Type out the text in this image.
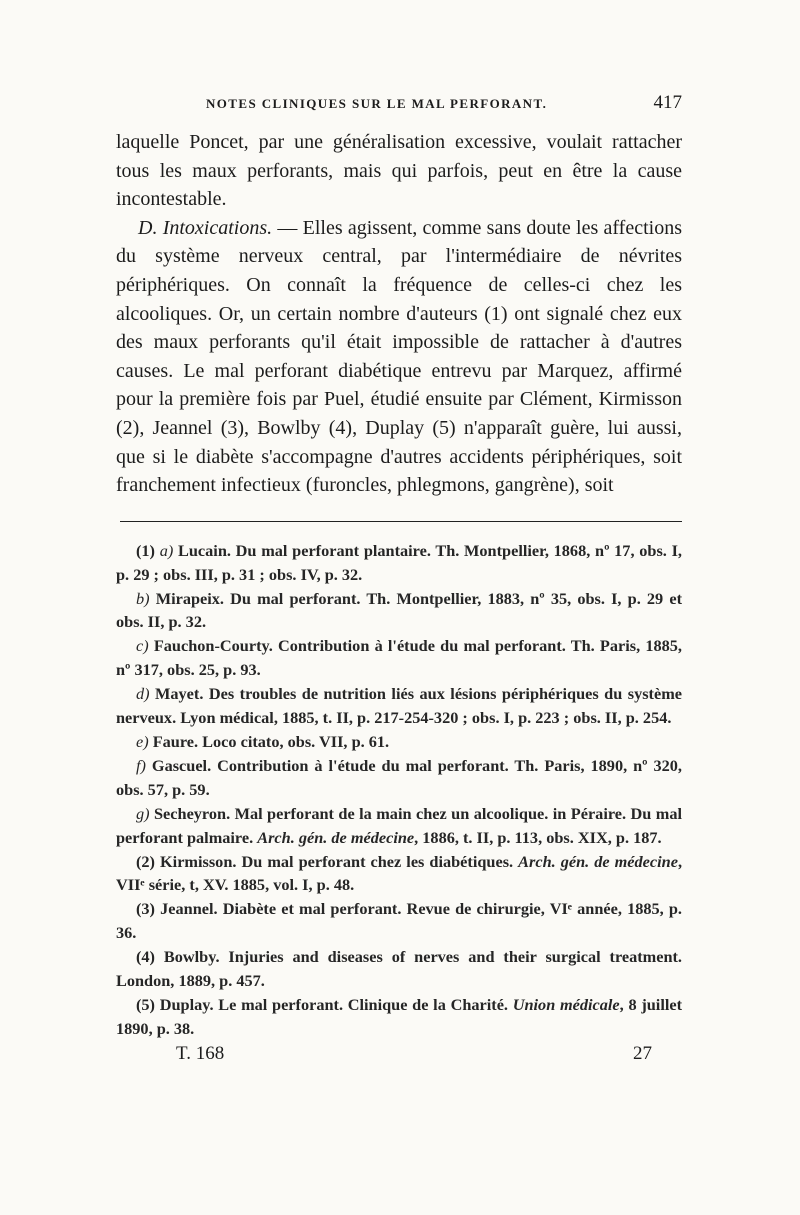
NOTES CLINIQUES SUR LE MAL PERFORANT.	417

laquelle Poncet, par une généralisation excessive, voulait rattacher tous les maux perforants, mais qui parfois, peut en être la cause incontestable.

D. Intoxications. — Elles agissent, comme sans doute les affections du système nerveux central, par l'intermédiaire de névrites périphériques. On connaît la fréquence de celles-ci chez les alcooliques. Or, un certain nombre d'auteurs (1) ont signalé chez eux des maux perforants qu'il était impossible de rattacher à d'autres causes. Le mal perforant diabétique entrevu par Marquez, affirmé pour la première fois par Puel, étudié ensuite par Clément, Kirmisson (2), Jeannel (3), Bowlby (4), Duplay (5) n'apparaît guère, lui aussi, que si le diabète s'accompagne d'autres accidents périphériques, soit franchement infectieux (furoncles, phlegmons, gangrène), soit

(1) a) Lucain. Du mal perforant plantaire. Th. Montpellier, 1868, nº 17, obs. I, p. 29 ; obs. III, p. 31 ; obs. IV, p. 32.

b) Mirapeix. Du mal perforant. Th. Montpellier, 1883, nº 35, obs. I, p. 29 et obs. II, p. 32.

c) Fauchon-Courty. Contribution à l'étude du mal perforant. Th. Paris, 1885, nº 317, obs. 25, p. 93.

d) Mayet. Des troubles de nutrition liés aux lésions périphériques du système nerveux. Lyon médical, 1885, t. II, p. 217-254-320 ; obs. I, p. 223 ; obs. II, p. 254.

e) Faure. Loco citato, obs. VII, p. 61.

f) Gascuel. Contribution à l'étude du mal perforant. Th. Paris, 1890, nº 320, obs. 57, p. 59.

g) Secheyron. Mal perforant de la main chez un alcoolique. in Péraire. Du mal perforant palmaire. Arch. gén. de médecine, 1886, t. II, p. 113, obs. XIX, p. 187.

(2) Kirmisson. Du mal perforant chez les diabétiques. Arch. gén. de médecine, VIIᵉ série, t, XV. 1885, vol. I, p. 48.

(3) Jeannel. Diabète et mal perforant. Revue de chirurgie, VIᵉ année, 1885, p. 36.

(4) Bowlby. Injuries and diseases of nerves and their surgical treatment. London, 1889, p. 457.

(5) Duplay. Le mal perforant. Clinique de la Charité. Union médicale, 8 juillet 1890, p. 38.

T. 168	27
